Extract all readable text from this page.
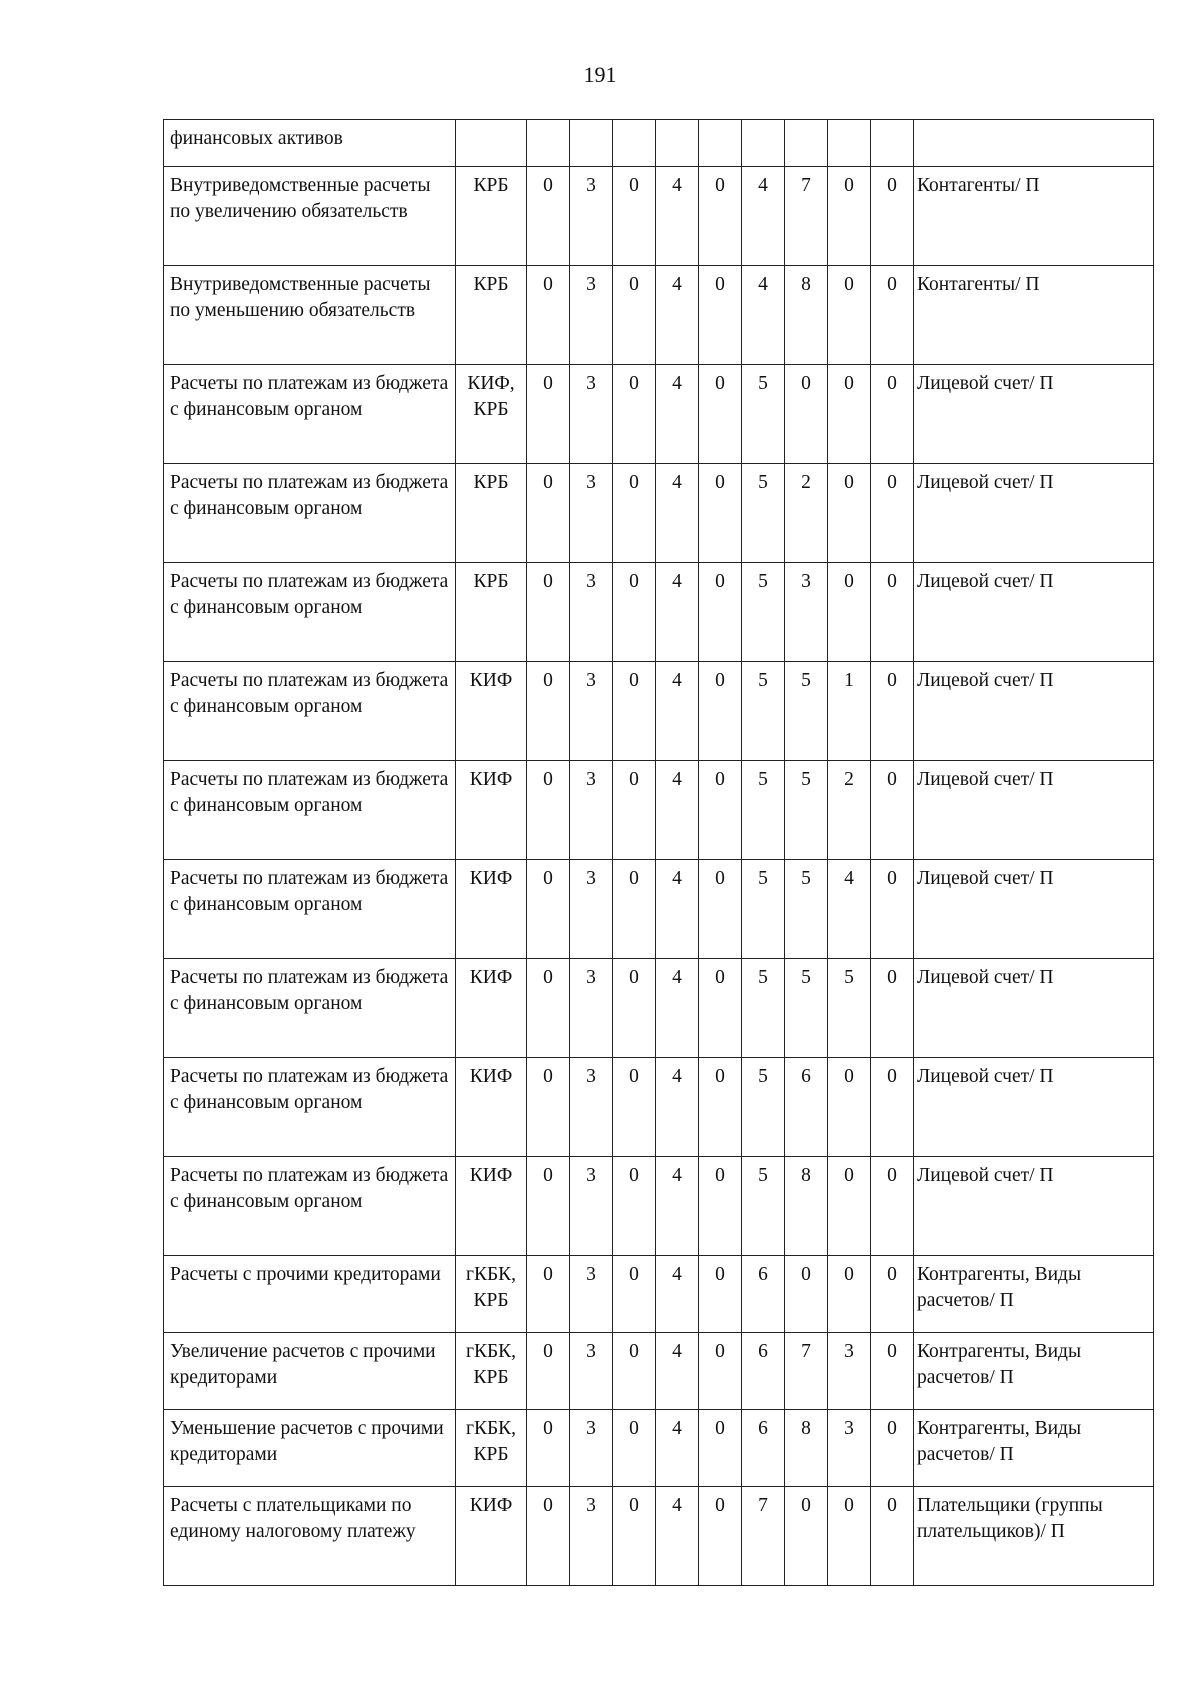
191
финансовых активов											
Внутриведомственные расчеты по увеличению обязательств	КРБ	0	3	0	4	0	4	7	0	0	Контагенты/ П
Внутриведомственные расчеты по уменьшению обязательств	КРБ	0	3	0	4	0	4	8	0	0	Контагенты/ П
Расчеты по платежам из бюджета с финансовым органом	КИФ, КРБ	0	3	0	4	0	5	0	0	0	Лицевой счет/ П
Расчеты по платежам из бюджета с финансовым органом	КРБ	0	3	0	4	0	5	2	0	0	Лицевой счет/ П
Расчеты по платежам из бюджета с финансовым органом	КРБ	0	3	0	4	0	5	3	0	0	Лицевой счет/ П
Расчеты по платежам из бюджета с финансовым органом	КИФ	0	3	0	4	0	5	5	1	0	Лицевой счет/ П
Расчеты по платежам из бюджета с финансовым органом	КИФ	0	3	0	4	0	5	5	2	0	Лицевой счет/ П
Расчеты по платежам из бюджета с финансовым органом	КИФ	0	3	0	4	0	5	5	4	0	Лицевой счет/ П
Расчеты по платежам из бюджета с финансовым органом	КИФ	0	3	0	4	0	5	5	5	0	Лицевой счет/ П
Расчеты по платежам из бюджета с финансовым органом	КИФ	0	3	0	4	0	5	6	0	0	Лицевой счет/ П
Расчеты по платежам из бюджета с финансовым органом	КИФ	0	3	0	4	0	5	8	0	0	Лицевой счет/ П
Расчеты с прочими кредиторами	гКБК, КРБ	0	3	0	4	0	6	0	0	0	Контрагенты, Виды расчетов/ П
Увеличение расчетов с прочими кредиторами	гКБК, КРБ	0	3	0	4	0	6	7	3	0	Контрагенты, Виды расчетов/ П
Уменьшение расчетов с прочими кредиторами	гКБК, КРБ	0	3	0	4	0	6	8	3	0	Контрагенты, Виды расчетов/ П
Расчеты с плательщиками по единому налоговому платежу	КИФ	0	3	0	4	0	7	0	0	0	Плательщики (группы плательщиков)/ П
